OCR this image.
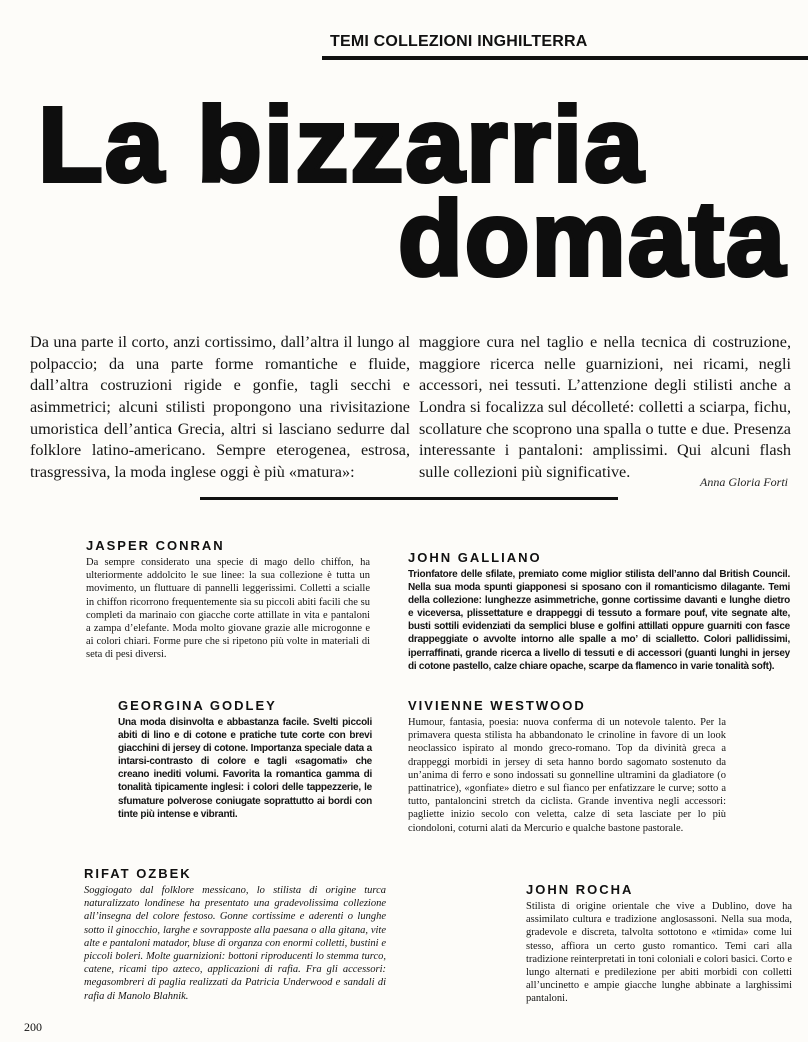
TEMI COLLEZIONI INGHILTERRA
La bizzarria
domata

Da una parte il corto, anzi cortissimo, dall’altra il lungo al polpaccio; da una parte forme romantiche e fluide, dall’altra costruzioni rigide e gonfie, tagli secchi e asimmetrici; alcuni stilisti propongono una rivisitazione umoristica dell’antica Grecia, altri si lasciano sedurre dal folklore latino-americano. Sempre eterogenea, estrosa, trasgressiva, la moda inglese oggi è più «matura»:

maggiore cura nel taglio e nella tecnica di costruzione, maggiore ricerca nelle guarnizioni, nei ricami, negli accessori, nei tessuti. L’attenzione degli stilisti anche a Londra si focalizza sul décolleté: colletti a sciarpa, fichu, scollature che scoprono una spalla o tutte e due. Presenza interessante i pantaloni: amplissimi. Qui alcuni flash sulle collezioni più significative.

Anna Gloria Forti
JASPER CONRAN

Da sempre considerato una specie di mago dello chiffon, ha ulteriormente addolcito le sue linee: la sua collezione è tutta un movimento, un fluttuare di pannelli leggerissimi. Colletti a scialle in chiffon ricorrono frequentemente sia su piccoli abiti facili che su completi da marinaio con giacche corte attillate in vita e pantaloni a zampa d’elefante. Moda molto giovane grazie alle microgonne e ai colori chiari. Forme pure che si ripetono più volte in materiali di seta di pesi diversi.

JOHN GALLIANO

Trionfatore delle sfilate, premiato come miglior stilista dell’anno dal British Council. Nella sua moda spunti giapponesi si sposano con il romanticismo dilagante. Temi della collezione: lunghezze asimmetriche, gonne cortissime davanti e lunghe dietro e viceversa, plissettature e drappeggi di tessuto a formare pouf, vite segnate alte, busti sottili evidenziati da semplici bluse e golfini attillati oppure guarniti con fasce drappeggiate o avvolte intorno alle spalle a mo’ di scialletto. Colori pallidissimi, iperraffinati, grande ricerca a livello di tessuti e di accessori (guanti lunghi in jersey di cotone pastello, calze chiare opache, scarpe da flamenco in varie tonalità soft).

GEORGINA GODLEY

Una moda disinvolta e abbastanza facile. Svelti piccoli abiti di lino e di cotone e pratiche tute corte con brevi giacchini di jersey di cotone. Importanza speciale data a intarsi-contrasto di colore e tagli «sagomati» che creano inediti volumi. Favorita la romantica gamma di tonalità tipicamente inglesi: i colori delle tappezzerie, le sfumature polverose coniugate soprattutto ai bordi con tinte più intense e vibranti.

VIVIENNE WESTWOOD

Humour, fantasia, poesia: nuova conferma di un notevole talento. Per la primavera questa stilista ha abbandonato le crinoline in favore di un look neoclassico ispirato al mondo greco-romano. Top da divinità greca a drappeggi morbidi in jersey di seta hanno bordo sagomato sostenuto da un’anima di ferro e sono indossati su gonnelline ultramini da gladiatore (o pattinatrice), «gonfiate» dietro e sul fianco per enfatizzare le curve; sotto a tutto, pantaloncini stretch da ciclista. Grande inventiva negli accessori: pagliette inizio secolo con veletta, calze di seta lasciate per lo più ciondoloni, coturni alati da Mercurio e qualche bastone pastorale.

RIFAT OZBEK

Soggiogato dal folklore messicano, lo stilista di origine turca naturalizzato londinese ha presentato una gradevolissima collezione all’insegna del colore festoso. Gonne cortissime e aderenti o lunghe sotto il ginocchio, larghe e sovrapposte alla paesana o alla gitana, vite alte e pantaloni matador, bluse di organza con enormi colletti, bustini e piccoli boleri. Molte guarnizioni: bottoni riproducenti lo stemma turco, catene, ricami tipo azteco, applicazioni di rafia. Fra gli accessori: megasombreri di paglia realizzati da Patricia Underwood e sandali di rafia di Manolo Blahnik.

JOHN ROCHA

Stilista di origine orientale che vive a Dublino, dove ha assimilato cultura e tradizione anglosassoni. Nella sua moda, gradevole e discreta, talvolta sottotono e «timida» come lui stesso, affiora un certo gusto romantico. Temi cari alla tradizione reinterpretati in toni coloniali e colori basici. Corto e lungo alternati e predilezione per abiti morbidi con colletti all’uncinetto e ampie giacche lunghe abbinate a larghissimi pantaloni.

200
